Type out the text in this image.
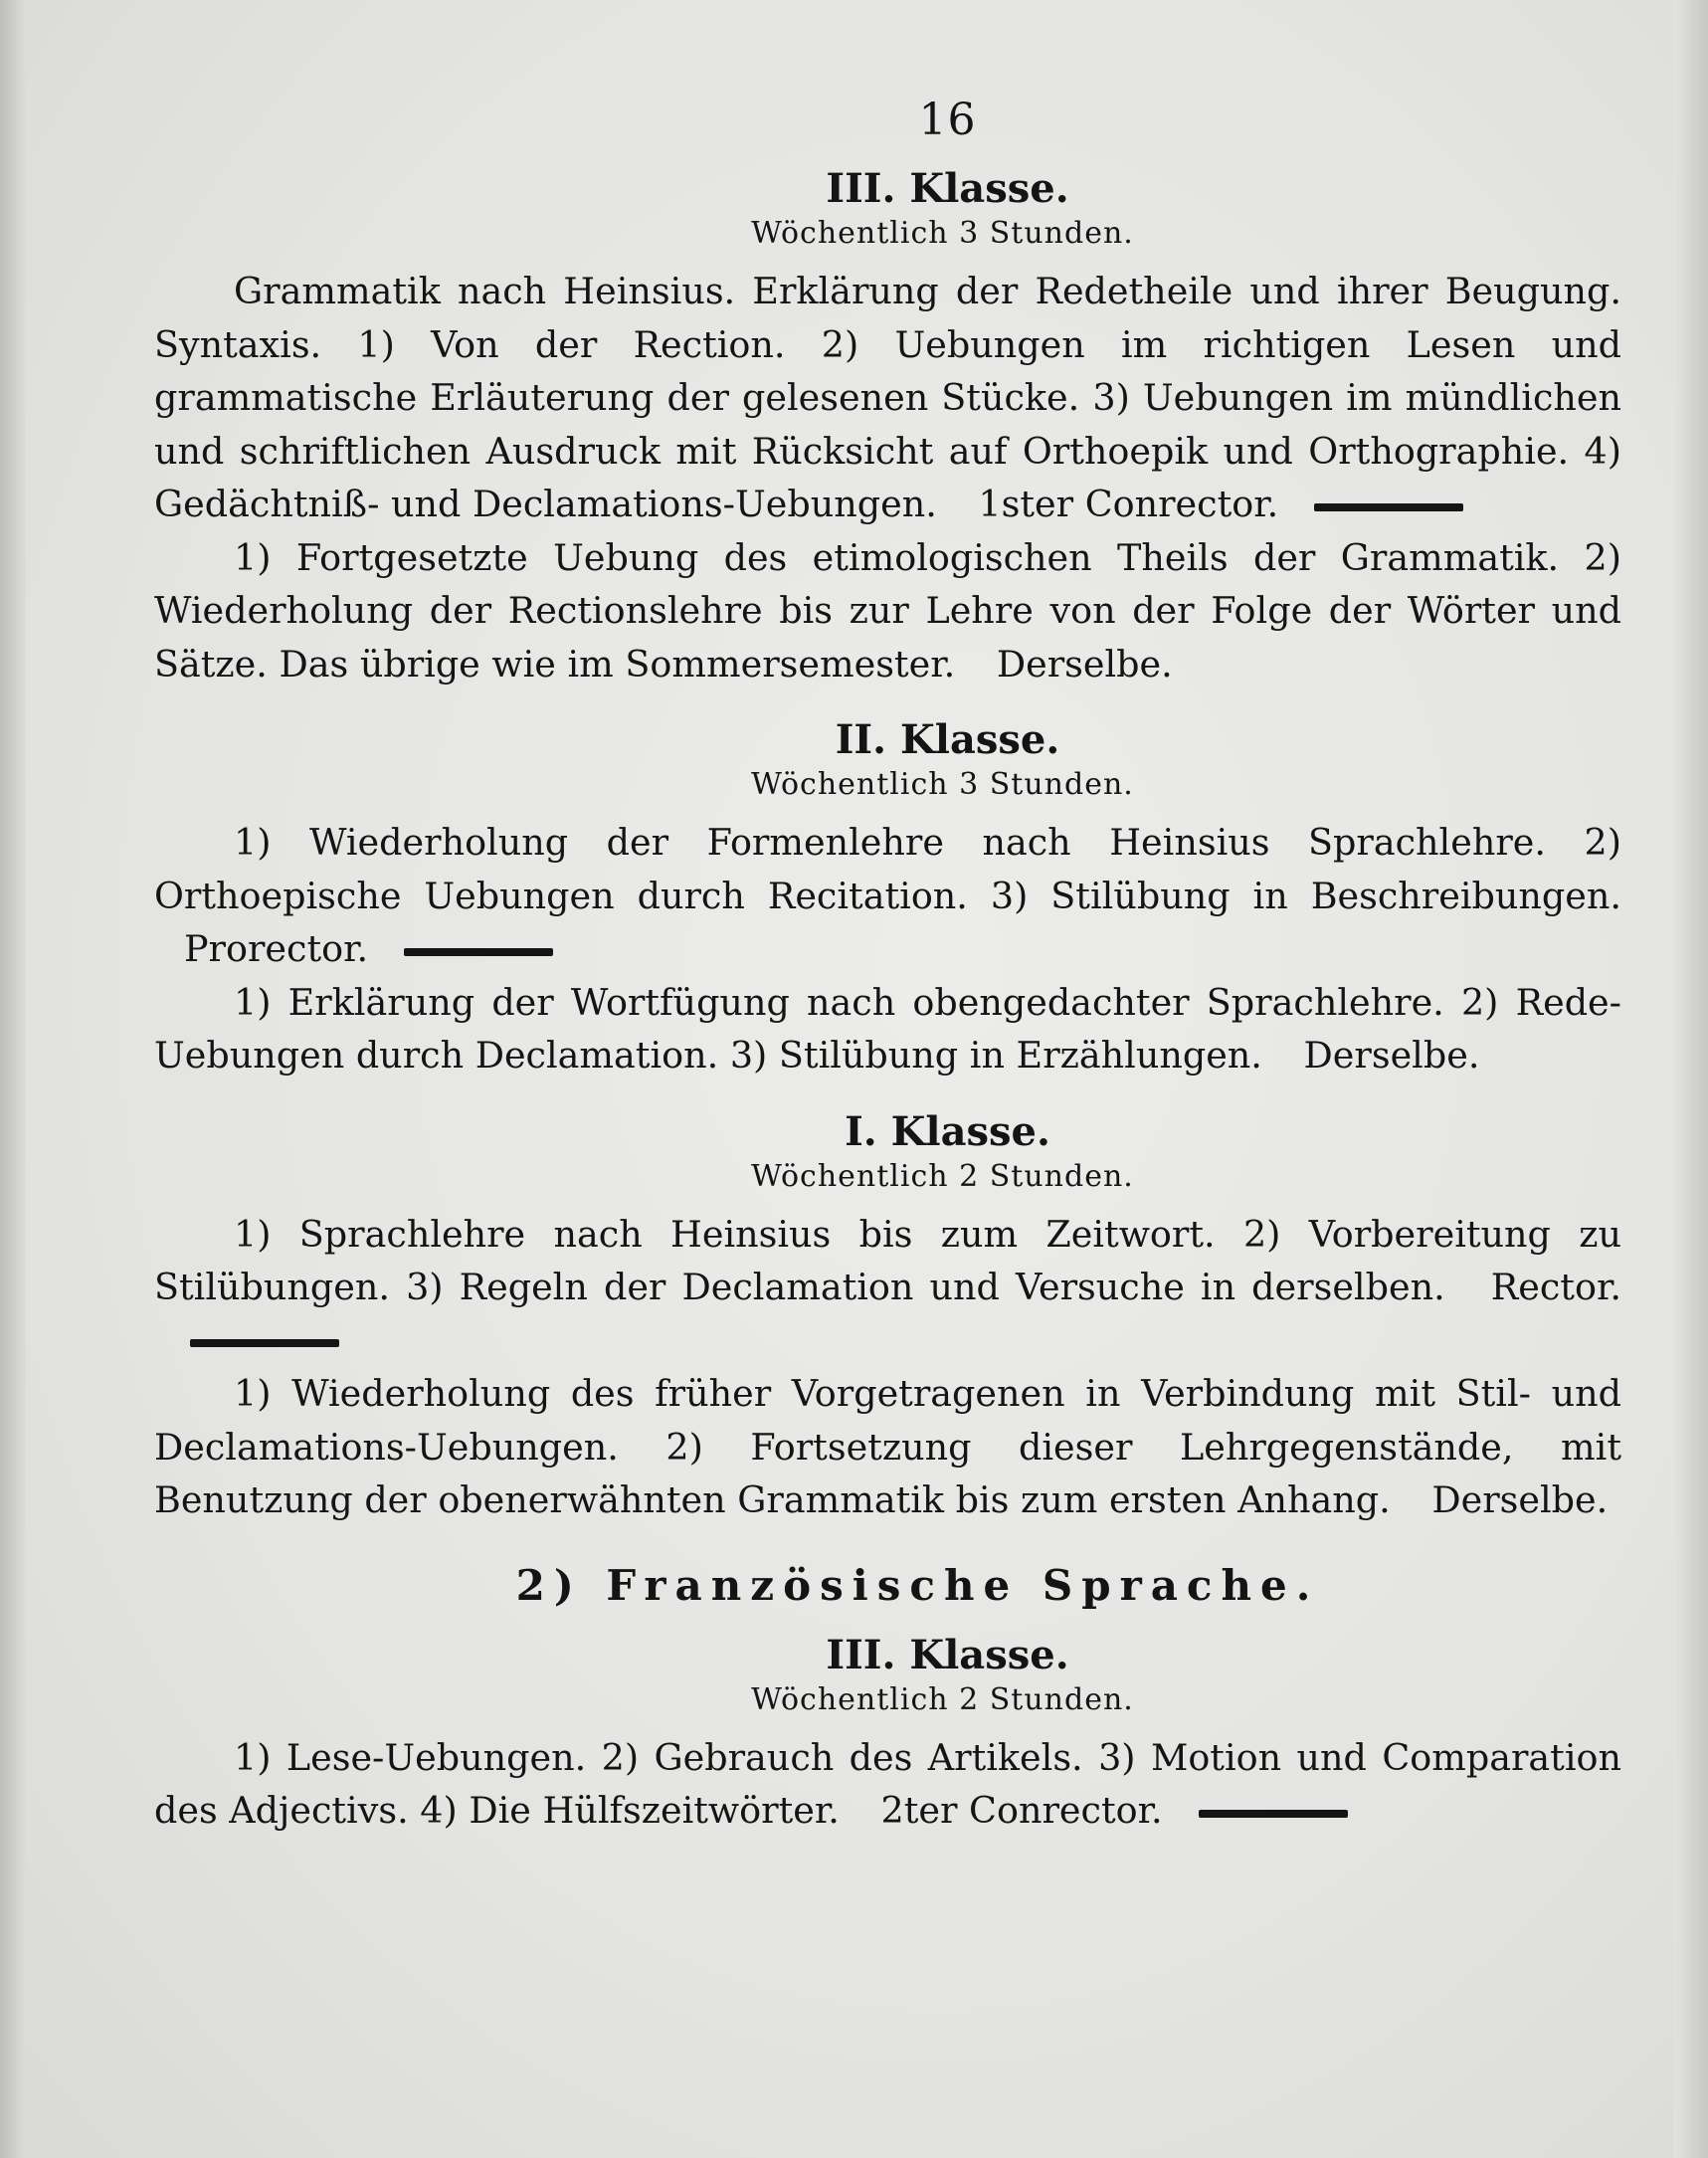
16
III. Klasse.
Wöchentlich 3 Stunden.

Grammatik nach Heinsius. Erklärung der Redetheile und ihrer Beugung. Syntaxis. 1) Von der Rection. 2) Uebungen im richtigen Lesen und grammatische Erläuterung der gelesenen Stücke. 3) Uebungen im mündlichen und schriftlichen Ausdruck mit Rücksicht auf Orthoepik und Orthographie. 4) Gedächtniß- und Declamations-Uebungen. 1ster Conrector.

1) Fortgesetzte Uebung des etimologischen Theils der Grammatik. 2) Wiederholung der Rectionslehre bis zur Lehre von der Folge der Wörter und Sätze. Das übrige wie im Sommersemester. Derselbe.

II. Klasse.
Wöchentlich 3 Stunden.

1) Wiederholung der Formenlehre nach Heinsius Sprachlehre. 2) Orthoepische Uebungen durch Recitation. 3) Stilübung in Beschreibungen. Prorector.

1) Erklärung der Wortfügung nach obengedachter Sprachlehre. 2) Rede-Uebungen durch Declamation. 3) Stilübung in Erzählungen. Derselbe.

I. Klasse.
Wöchentlich 2 Stunden.

1) Sprachlehre nach Heinsius bis zum Zeitwort. 2) Vorbereitung zu Stilübungen. 3) Regeln der Declamation und Versuche in derselben. Rector.

1) Wiederholung des früher Vorgetragenen in Verbindung mit Stil- und Declamations-Uebungen. 2) Fortsetzung dieser Lehrgegenstände, mit Benutzung der obenerwähnten Grammatik bis zum ersten Anhang. Derselbe.

2) Französische Sprache.
III. Klasse.
Wöchentlich 2 Stunden.

1) Lese-Uebungen. 2) Gebrauch des Artikels. 3) Motion und Comparation des Adjectivs. 4) Die Hülfszeitwörter. 2ter Conrector.
